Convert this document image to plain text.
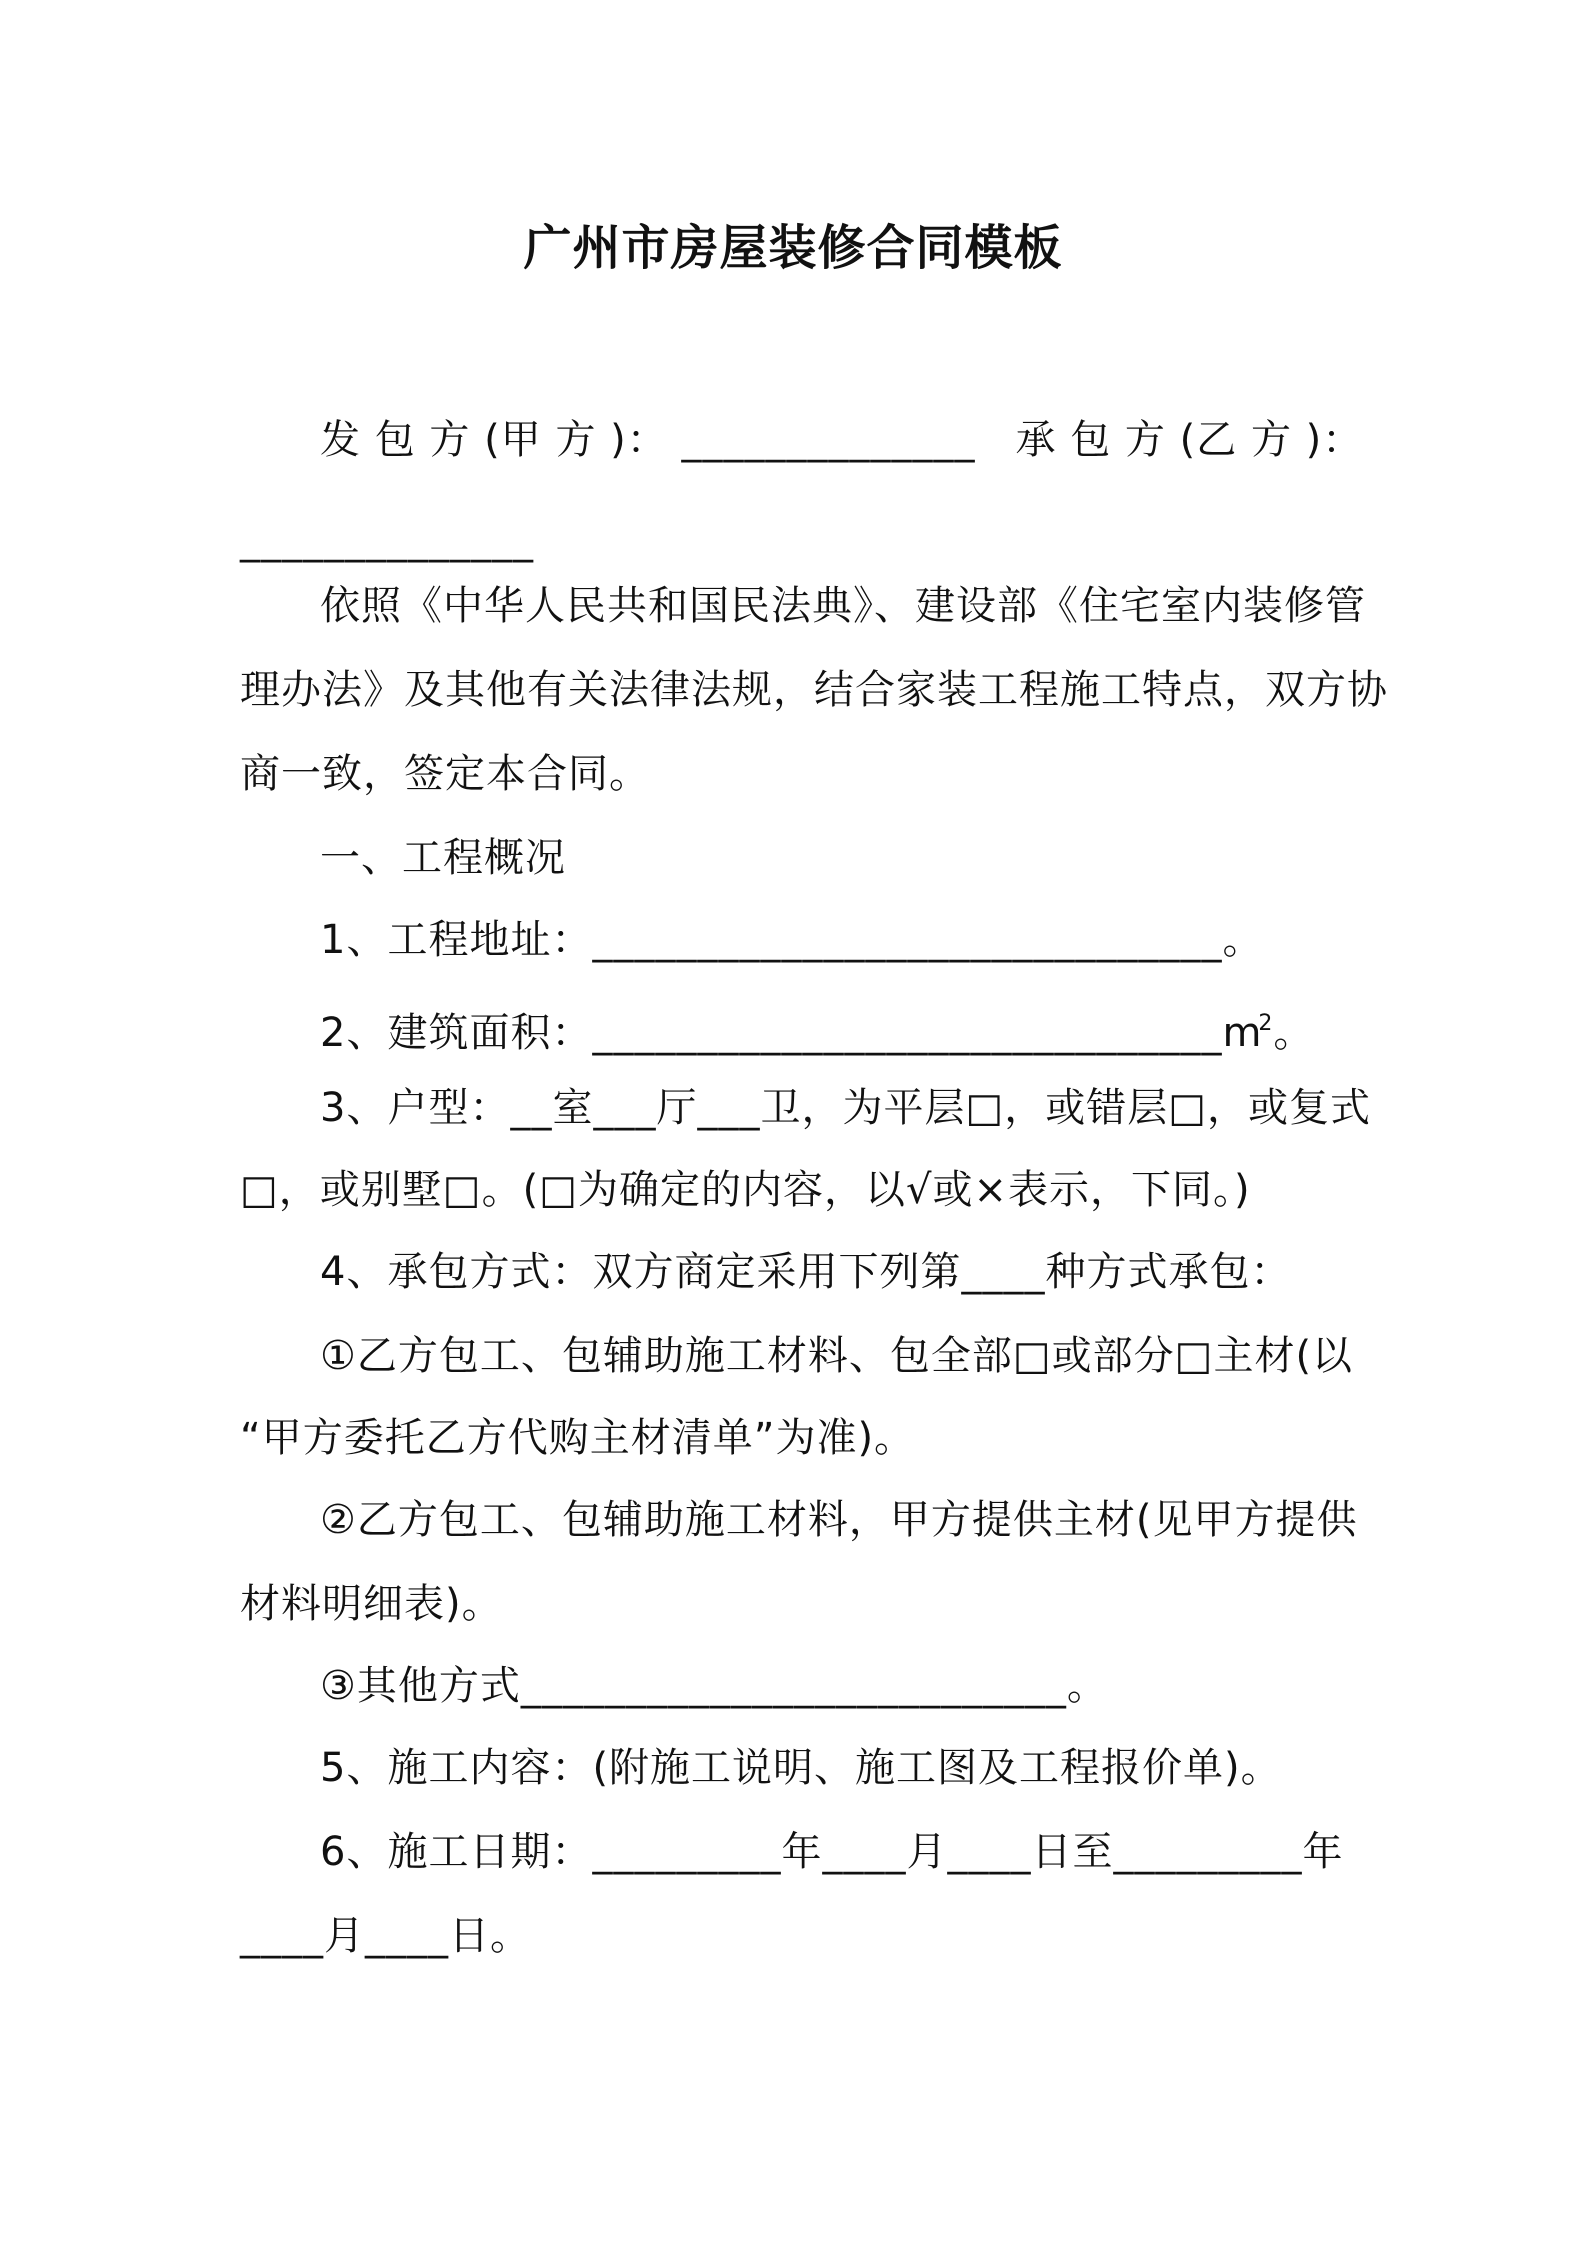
广州市房屋装修合同模板
发 包 方 (甲 方 )： ______________ 承 包 方 (乙 方 )：
______________
依照《中华人民共和国民法典》、建设部《住宅室内装修管
理办法》及其他有关法律法规，结合家装工程施工特点，双方协
商一致，签定本合同。
一、工程概况
1、工程地址：______________________________。
2、建筑面积：$\_\_\_\_\_\_\_\_\_\_\_\_\_\_\_\_\_\_\_\_\_\_\_\_\_\_\_\_\_\_m^2$。
3、户型：__室___厅___卫，为平层□，或错层□，或复式
□，或别墅□。(□为确定的内容，以√或×表示，下同。)
4、承包方式：双方商定采用下列第____种方式承包：
①乙方包工、包辅助施工材料、包全部□或部分□主材(以
“甲方委托乙方代购主材清单”为准)。
②乙方包工、包辅助施工材料，甲方提供主材(见甲方提供
材料明细表)。
③其他方式__________________________。
5、施工内容：(附施工说明、施工图及工程报价单)。
6、施工日期：_________年____月____日至_________年
____月____日。
